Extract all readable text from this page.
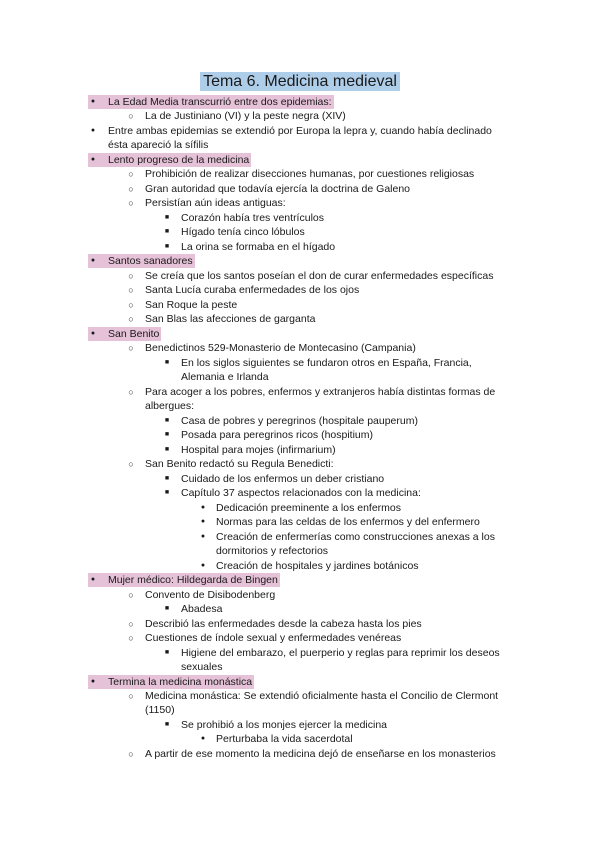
Tema 6. Medicina medieval
● La Edad Media transcurrió entre dos epidemias:
○ La de Justiniano (VI) y la peste negra (XIV)
● Entre ambas epidemias se extendió por Europa la lepra y, cuando había declinado
ésta apareció la sífilis
● Lento progreso de la medicina
○ Prohibición de realizar disecciones humanas, por cuestiones religiosas
○ Gran autoridad que todavía ejercía la doctrina de Galeno
○ Persistían aún ideas antiguas:
■ Corazón había tres ventrículos
■ Hígado tenía cinco lóbulos
■ La orina se formaba en el hígado
● Santos sanadores
○ Se creía que los santos poseían el don de curar enfermedades específicas
○ Santa Lucía curaba enfermedades de los ojos
○ San Roque la peste
○ San Blas las afecciones de garganta
● San Benito
○ Benedictinos 529-Monasterio de Montecasino (Campania)
■ En los siglos siguientes se fundaron otros en España, Francia,
Alemania e Irlanda
○ Para acoger a los pobres, enfermos y extranjeros había distintas formas de
albergues:
■ Casa de pobres y peregrinos (hospitale pauperum)
■ Posada para peregrinos ricos (hospitium)
■ Hospital para mojes (infirmarium)
○ San Benito redactó su Regula Benedicti:
■ Cuidado de los enfermos un deber cristiano
■ Capítulo 37 aspectos relacionados con la medicina:
● Dedicación preeminente a los enfermos
● Normas para las celdas de los enfermos y del enfermero
● Creación de enfermerías como construcciones anexas a los
dormitorios y refectorios
● Creación de hospitales y jardines botánicos
● Mujer médico: Hildegarda de Bingen
○ Convento de Disibodenberg
■ Abadesa
○ Describió las enfermedades desde la cabeza hasta los pies
○ Cuestiones de índole sexual y enfermedades venéreas
■ Higiene del embarazo, el puerperio y reglas para reprimir los deseos
sexuales
● Termina la medicina monástica
○ Medicina monástica: Se extendió oficialmente hasta el Concilio de Clermont
(1150)
■ Se prohibió a los monjes ejercer la medicina
● Perturbaba la vida sacerdotal
○ A partir de ese momento la medicina dejó de enseñarse en los monasterios
